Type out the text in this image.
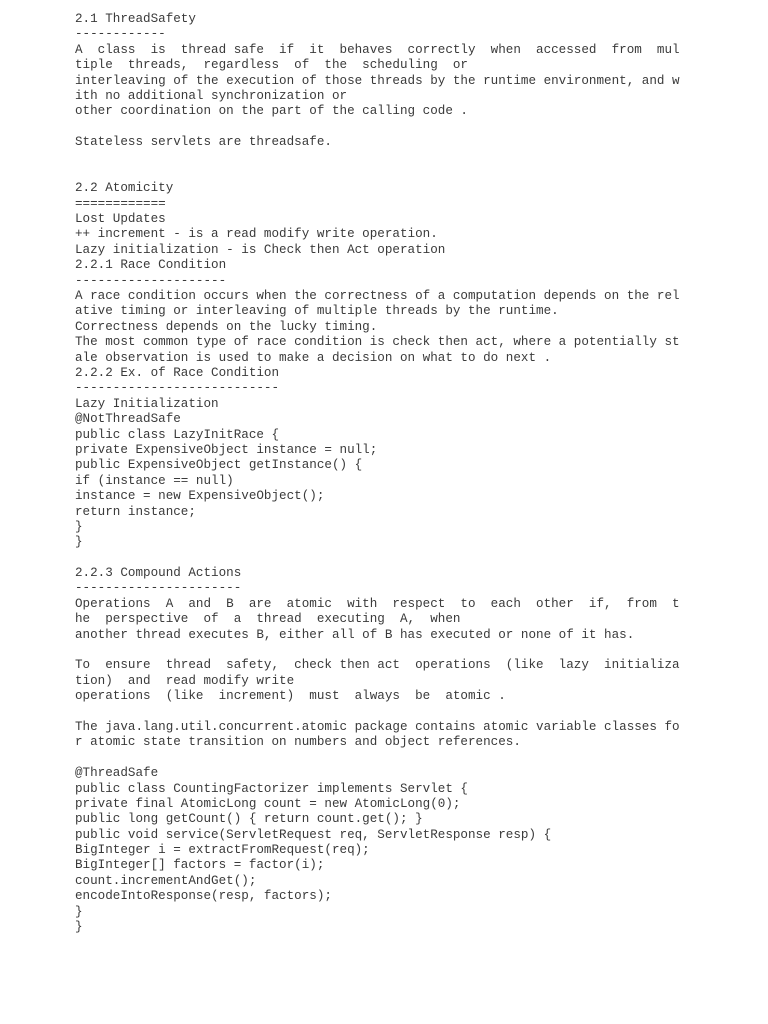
2.1 ThreadSafety
------------
A  class  is  thread safe  if  it  behaves  correctly  when  accessed  from  mul
tiple  threads,  regardless  of  the  scheduling  or
interleaving of the execution of those threads by the runtime environment, and w
ith no additional synchronization or
other coordination on the part of the calling code .
Stateless servlets are threadsafe.
2.2 Atomicity
============
Lost Updates
++ increment - is a read modify write operation.
Lazy initialization - is Check then Act operation
2.2.1 Race Condition
--------------------
A race condition occurs when the correctness of a computation depends on the rel
ative timing or interleaving of multiple threads by the runtime.
Correctness depends on the lucky timing.
The most common type of race condition is check then act, where a potentially st
ale observation is used to make a decision on what to do next .
2.2.2 Ex. of Race Condition
---------------------------
Lazy Initialization
@NotThreadSafe
public class LazyInitRace {
private ExpensiveObject instance = null;
public ExpensiveObject getInstance() {
if (instance == null)
instance = new ExpensiveObject();
return instance;
}
}
2.2.3 Compound Actions
----------------------
Operations  A  and  B  are  atomic  with  respect  to  each  other  if,  from  t
he  perspective  of  a  thread  executing  A,  when
another thread executes B, either all of B has executed or none of it has.
To  ensure  thread  safety,  check then act  operations  (like  lazy  initializa
tion)  and  read modify write
operations  (like  increment)  must  always  be  atomic .
The java.lang.util.concurrent.atomic package contains atomic variable classes fo
r atomic state transition on numbers and object references.
@ThreadSafe
public class CountingFactorizer implements Servlet {
private final AtomicLong count = new AtomicLong(0);
public long getCount() { return count.get(); }
public void service(ServletRequest req, ServletResponse resp) {
BigInteger i = extractFromRequest(req);
BigInteger[] factors = factor(i);
count.incrementAndGet();
encodeIntoResponse(resp, factors);
}
}
